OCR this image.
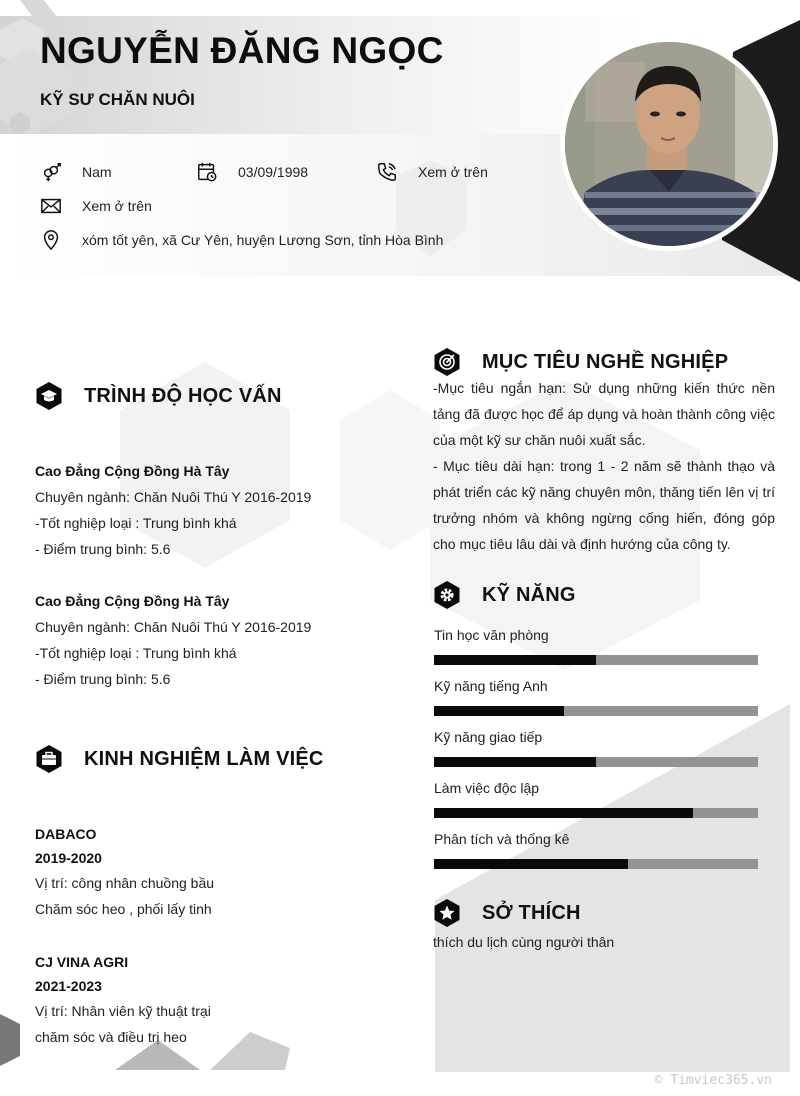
NGUYỄN ĐĂNG NGỌC
KỸ SƯ CHĂN NUÔI
Nam	03/09/1998	Xem ở trên
Xem ở trên
xóm tốt yên, xã Cư Yên, huyện Lương Sơn, tỉnh Hòa Bình
TRÌNH ĐỘ HỌC VẤN
Cao Đẳng Cộng Đồng Hà Tây
Chuyên ngành: Chăn Nuôi Thú Y 2016-2019
-Tốt nghiệp loại : Trung bình khá
- Điểm trung bình: 5.6
Cao Đẳng Cộng Đồng Hà Tây
Chuyên ngành: Chăn Nuôi Thú Y 2016-2019
-Tốt nghiệp loại : Trung bình khá
- Điểm trung bình: 5.6
KINH NGHIỆM LÀM VIỆC
DABACO
2019-2020
Vị trí: công nhân chuồng bầu
Chăm sóc heo , phối lấy tinh
CJ VINA AGRI
2021-2023
Vị trí: Nhân viên kỹ thuật trại
chăm sóc và điều trị heo
MỤC TIÊU NGHỀ NGHIỆP
-Mục tiêu ngắn hạn: Sử dụng những kiến thức nền tảng đã được học để áp dụng và hoàn thành công việc của một kỹ sư chăn nuôi xuất sắc.
- Mục tiêu dài hạn: trong 1 - 2 năm sẽ thành thạo và phát triển các kỹ năng chuyên môn, thăng tiến lên vị trí trưởng nhóm và không ngừng cống hiến, đóng góp cho mục tiêu lâu dài và định hướng của công ty.
KỸ NĂNG
Tin học văn phòng
Kỹ năng tiếng Anh
Kỹ năng giao tiếp
Làm việc độc lập
Phân tích và thống kê
SỞ THÍCH
thích du lịch cùng người thân
© Timviec365.vn
